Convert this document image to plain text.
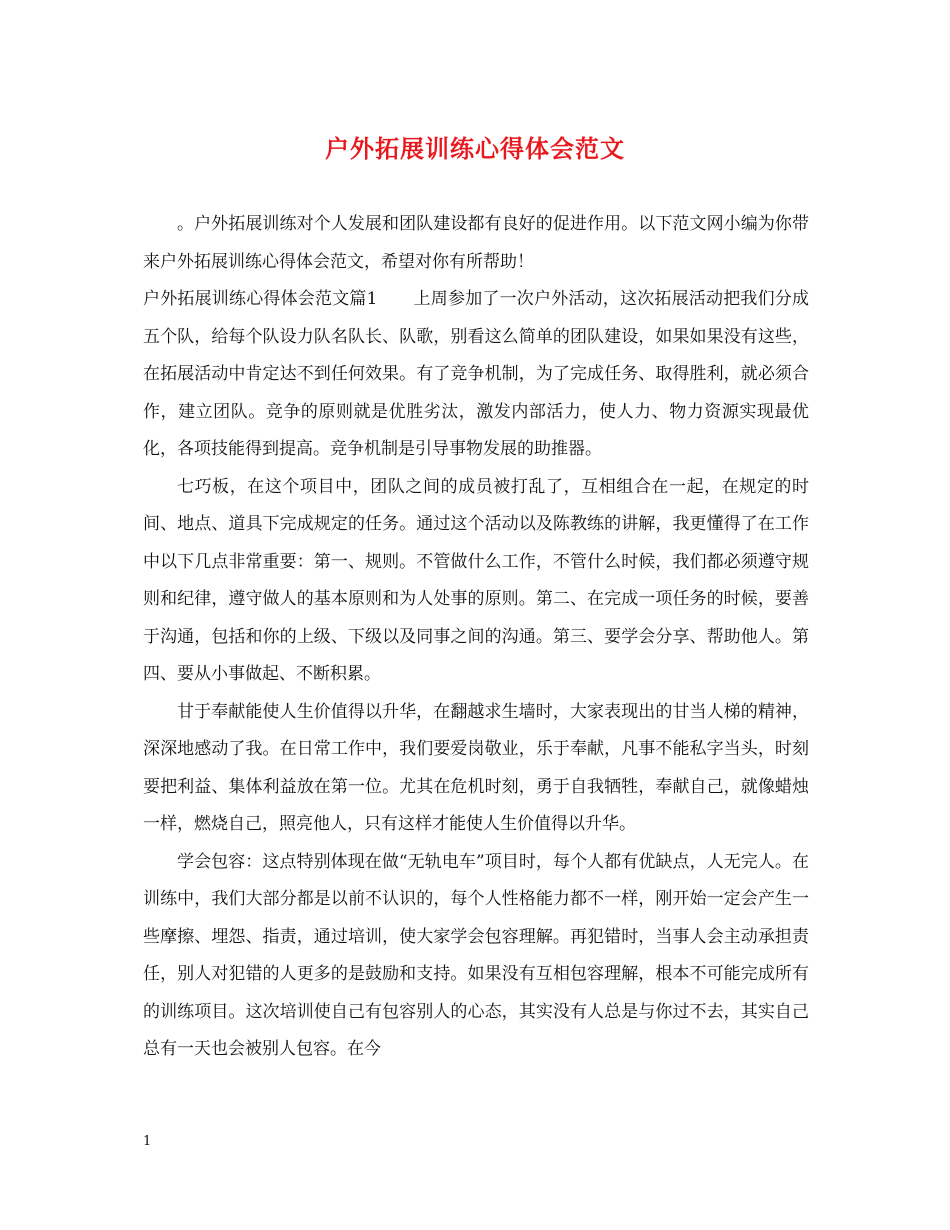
户外拓展训练心得体会范文

。户外拓展训练对个人发展和团队建设都有良好的促进作用。以下范文网小编为你带来户外拓展训练心得体会范文，希望对你有所帮助！

户外拓展训练心得体会范文篇1 上周参加了一次户外活动，这次拓展活动把我们分成五个队，给每个队设力队名队长、队歌，别看这么简单的团队建设，如果如果没有这些，在拓展活动中肯定达不到任何效果。有了竞争机制，为了完成任务、取得胜利，就必须合作，建立团队。竞争的原则就是优胜劣汰，激发内部活力，使人力、物力资源实现最优化，各项技能得到提高。竞争机制是引导事物发展的助推器。

七巧板，在这个项目中，团队之间的成员被打乱了，互相组合在一起，在规定的时间、地点、道具下完成规定的任务。通过这个活动以及陈教练的讲解，我更懂得了在工作中以下几点非常重要：第一、规则。不管做什么工作，不管什么时候，我们都必须遵守规则和纪律，遵守做人的基本原则和为人处事的原则。第二、在完成一项任务的时候，要善于沟通，包括和你的上级、下级以及同事之间的沟通。第三、要学会分享、帮助他人。第四、要从小事做起、不断积累。

甘于奉献能使人生价值得以升华，在翻越求生墙时，大家表现出的甘当人梯的精神，深深地感动了我。在日常工作中，我们要爱岗敬业，乐于奉献，凡事不能私字当头，时刻要把利益、集体利益放在第一位。尤其在危机时刻，勇于自我牺牲，奉献自己，就像蜡烛一样，燃烧自己，照亮他人，只有这样才能使人生价值得以升华。

学会包容：这点特别体现在做“无轨电车”项目时，每个人都有优缺点，人无完人。在训练中，我们大部分都是以前不认识的，每个人性格能力都不一样，刚开始一定会产生一些摩擦、埋怨、指责，通过培训，使大家学会包容理解。再犯错时，当事人会主动承担责任，别人对犯错的人更多的是鼓励和支持。如果没有互相包容理解，根本不可能完成所有的训练项目。这次培训使自己有包容别人的心态，其实没有人总是与你过不去，其实自己总有一天也会被别人包容。在今

1
